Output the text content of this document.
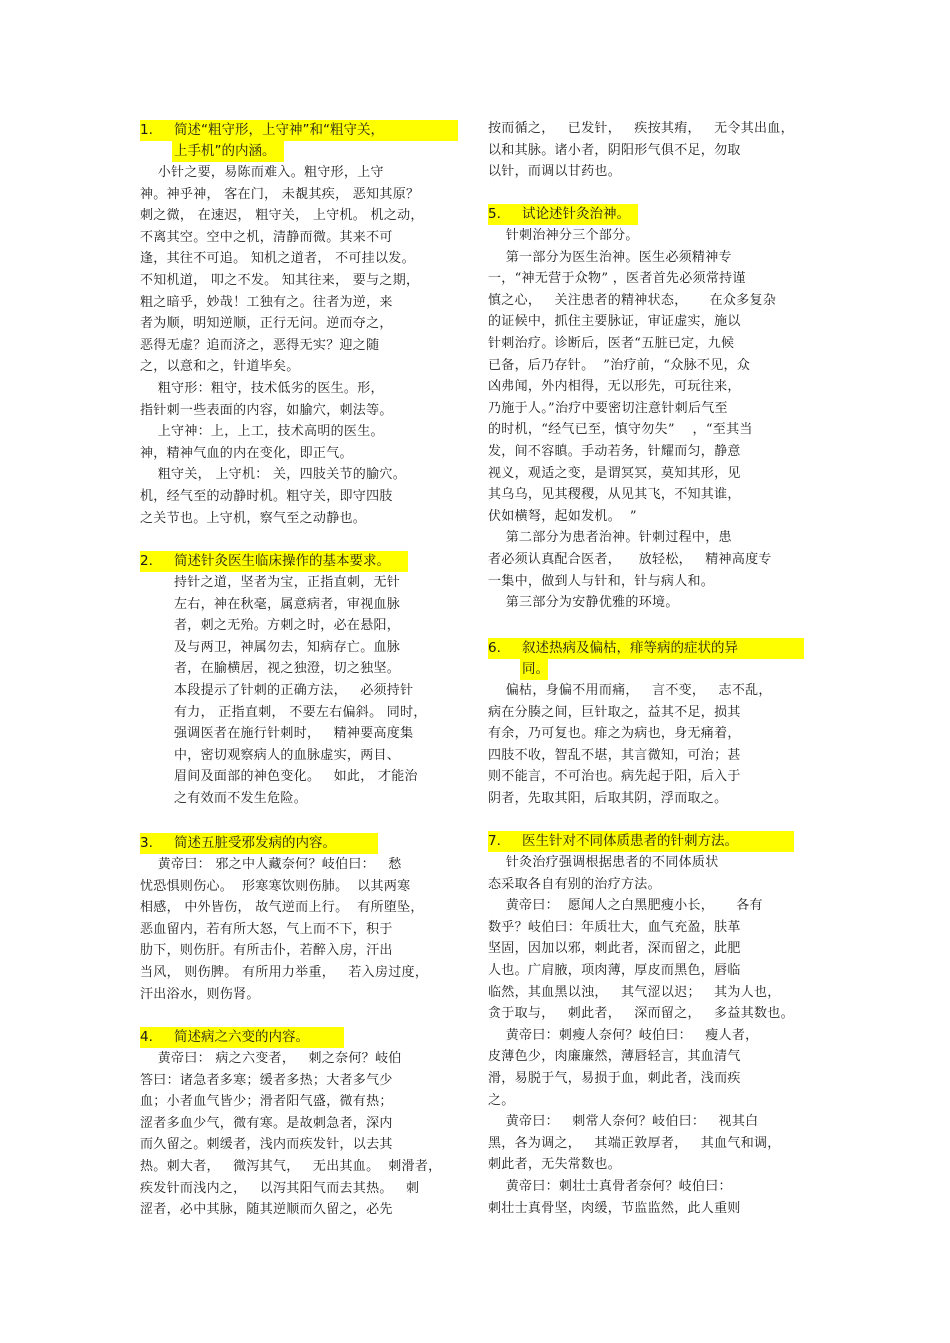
1. 简述“粗守形，上守神”和“粗守关，
上手机”的内涵。
小针之要，易陈而难入。粗守形，上守
神。神乎神， 客在门， 未覩其疾， 恶知其原？
刺之微， 在速迟， 粗守关， 上守机。 机之动，
不离其空。空中之机，清静而微。其来不可
逢，其往不可追。 知机之道者， 不可挂以发。
不知机道， 叩之不发。 知其往来， 要与之期，
粗之暗乎，妙哉！工独有之。往者为逆，来
者为顺，明知逆顺，正行无问。逆而夺之，
恶得无虚？追而济之，恶得无实？迎之随
之，以意和之，针道毕矣。
粗守形：粗守，技术低劣的医生。形，
指针刺一些表面的内容，如腧穴，刺法等。
上守神：上，上工，技术高明的医生。
神，精神气血的内在变化，即正气。
粗守关， 上守机： 关，四肢关节的腧穴。
机，经气至的动静时机。粗守关，即守四肢
之关节也。上守机，察气至之动静也。
2. 简述针灸医生临床操作的基本要求。
持针之道，坚者为宝，正指直刺，无针
左右，神在秋毫，属意病者，审视血脉
者，刺之无殆。方刺之时，必在悬阳，
及与两卫，神属勿去，知病存亡。血脉
者，在腧横居，视之独澄，切之独坚。
本段提示了针刺的正确方法，   必须持针
有力， 正指直刺， 不要左右偏斜。 同时，
强调医者在施行针刺时，   精神要高度集
中，密切观察病人的血脉虚实，两目、
眉间及面部的神色变化。   如此， 才能治
之有效而不发生危险。
3. 简述五脏受邪发病的内容。
黄帝曰： 邪之中人藏奈何？岐伯曰：   愁
忧恐惧则伤心。  形寒寒饮则伤肺。  以其两寒
相感， 中外皆伤， 故气逆而上行。  有所堕坠，
恶血留内，若有所大怒，气上而不下，积于
肋下，则伤肝。有所击仆，若醉入房，汗出
当风， 则伤脾。 有所用力举重，   若入房过度，
汗出浴水，则伤肾。
4. 简述病之六变的内容。
黄帝曰： 病之六变者，   刺之奈何？岐伯
答曰：诸急者多寒；缓者多热；大者多气少
血；小者血气皆少；滑者阳气盛，微有热；
涩者多血少气，微有寒。是故刺急者，深内
而久留之。刺缓者，浅内而疾发针，以去其
热。刺大者，   微泻其气，   无出其血。  刺滑者，
疾发针而浅内之，   以泻其阳气而去其热。   刺
涩者，必中其脉，随其逆顺而久留之，必先
按而循之，   已发针，   疾按其痏，   无令其出血，
以和其脉。诸小者，阴阳形气俱不足，勿取
以针，而调以甘药也。
5. 试论述针灸治神。
针刺治神分三个部分。
第一部分为医生治神。医生必须精神专
一，“神无营于众物” ，医者首先必须常持谨
慎之心，   关注患者的精神状态，     在众多复杂
的证候中，抓住主要脉证，审证虚实，施以
针刺治疗。诊断后，医者“五脏已定，九候
已备，后乃存针。  ”治疗前，“众脉不见，众
凶弗闻，外内相得，无以形先，可玩往来，
乃施于人。”治疗中要密切注意针刺后气至
的时机，“经气已至，慎守勿失”    ，“至其当
发，间不容瞋。手动若务，针耀而匀，静意
视义，观适之变，是谓冥冥，莫知其形，见
其乌乌，见其稷稷，从见其飞，不知其谁，
伏如横弩，起如发机。  ”
第二部分为患者治神。针刺过程中，患
者必须认真配合医者，    放轻松，   精神高度专
一集中，做到人与针和，针与病人和。
第三部分为安静优雅的环境。
6. 叙述热病及偏枯，痱等病的症状的异
同。
偏枯，身偏不用而痛，   言不变，   志不乱，
病在分腠之间，巨针取之，益其不足，损其
有余，乃可复也。痱之为病也，身无痛着，
四肢不收，智乱不堪，其言微知，可治；甚
则不能言，不可治也。病先起于阳，后入于
阴者，先取其阳，后取其阴，浮而取之。
7. 医生针对不同体质患者的针刺方法。
针灸治疗强调根据患者的不同体质状
态采取各自有别的治疗方法。
黄帝曰：  愿闻人之白黑肥瘦小长，     各有
数乎？岐伯曰：年质壮大，血气充盈，肤革
坚固，因加以邪，刺此者，深而留之，此肥
人也。广肩腋，项肉薄，厚皮而黑色，唇临
临然，其血黑以浊，   其气涩以迟；   其为人也，
贪于取与，   刺此者，   深而留之，   多益其数也。
黄帝曰：刺瘦人奈何？岐伯曰：   瘦人者，
皮薄色少，肉廉廉然，薄唇轻言，其血清气
滑，易脱于气，易损于血，刺此者，浅而疾
之。
黄帝曰：   刺常人奈何？岐伯曰：   视其白
黑，各为调之，   其端正敦厚者，   其血气和调，
刺此者，无失常数也。
黄帝曰：刺壮士真骨者奈何？岐伯曰：
刺壮士真骨坚，肉缓，节监监然，此人重则
